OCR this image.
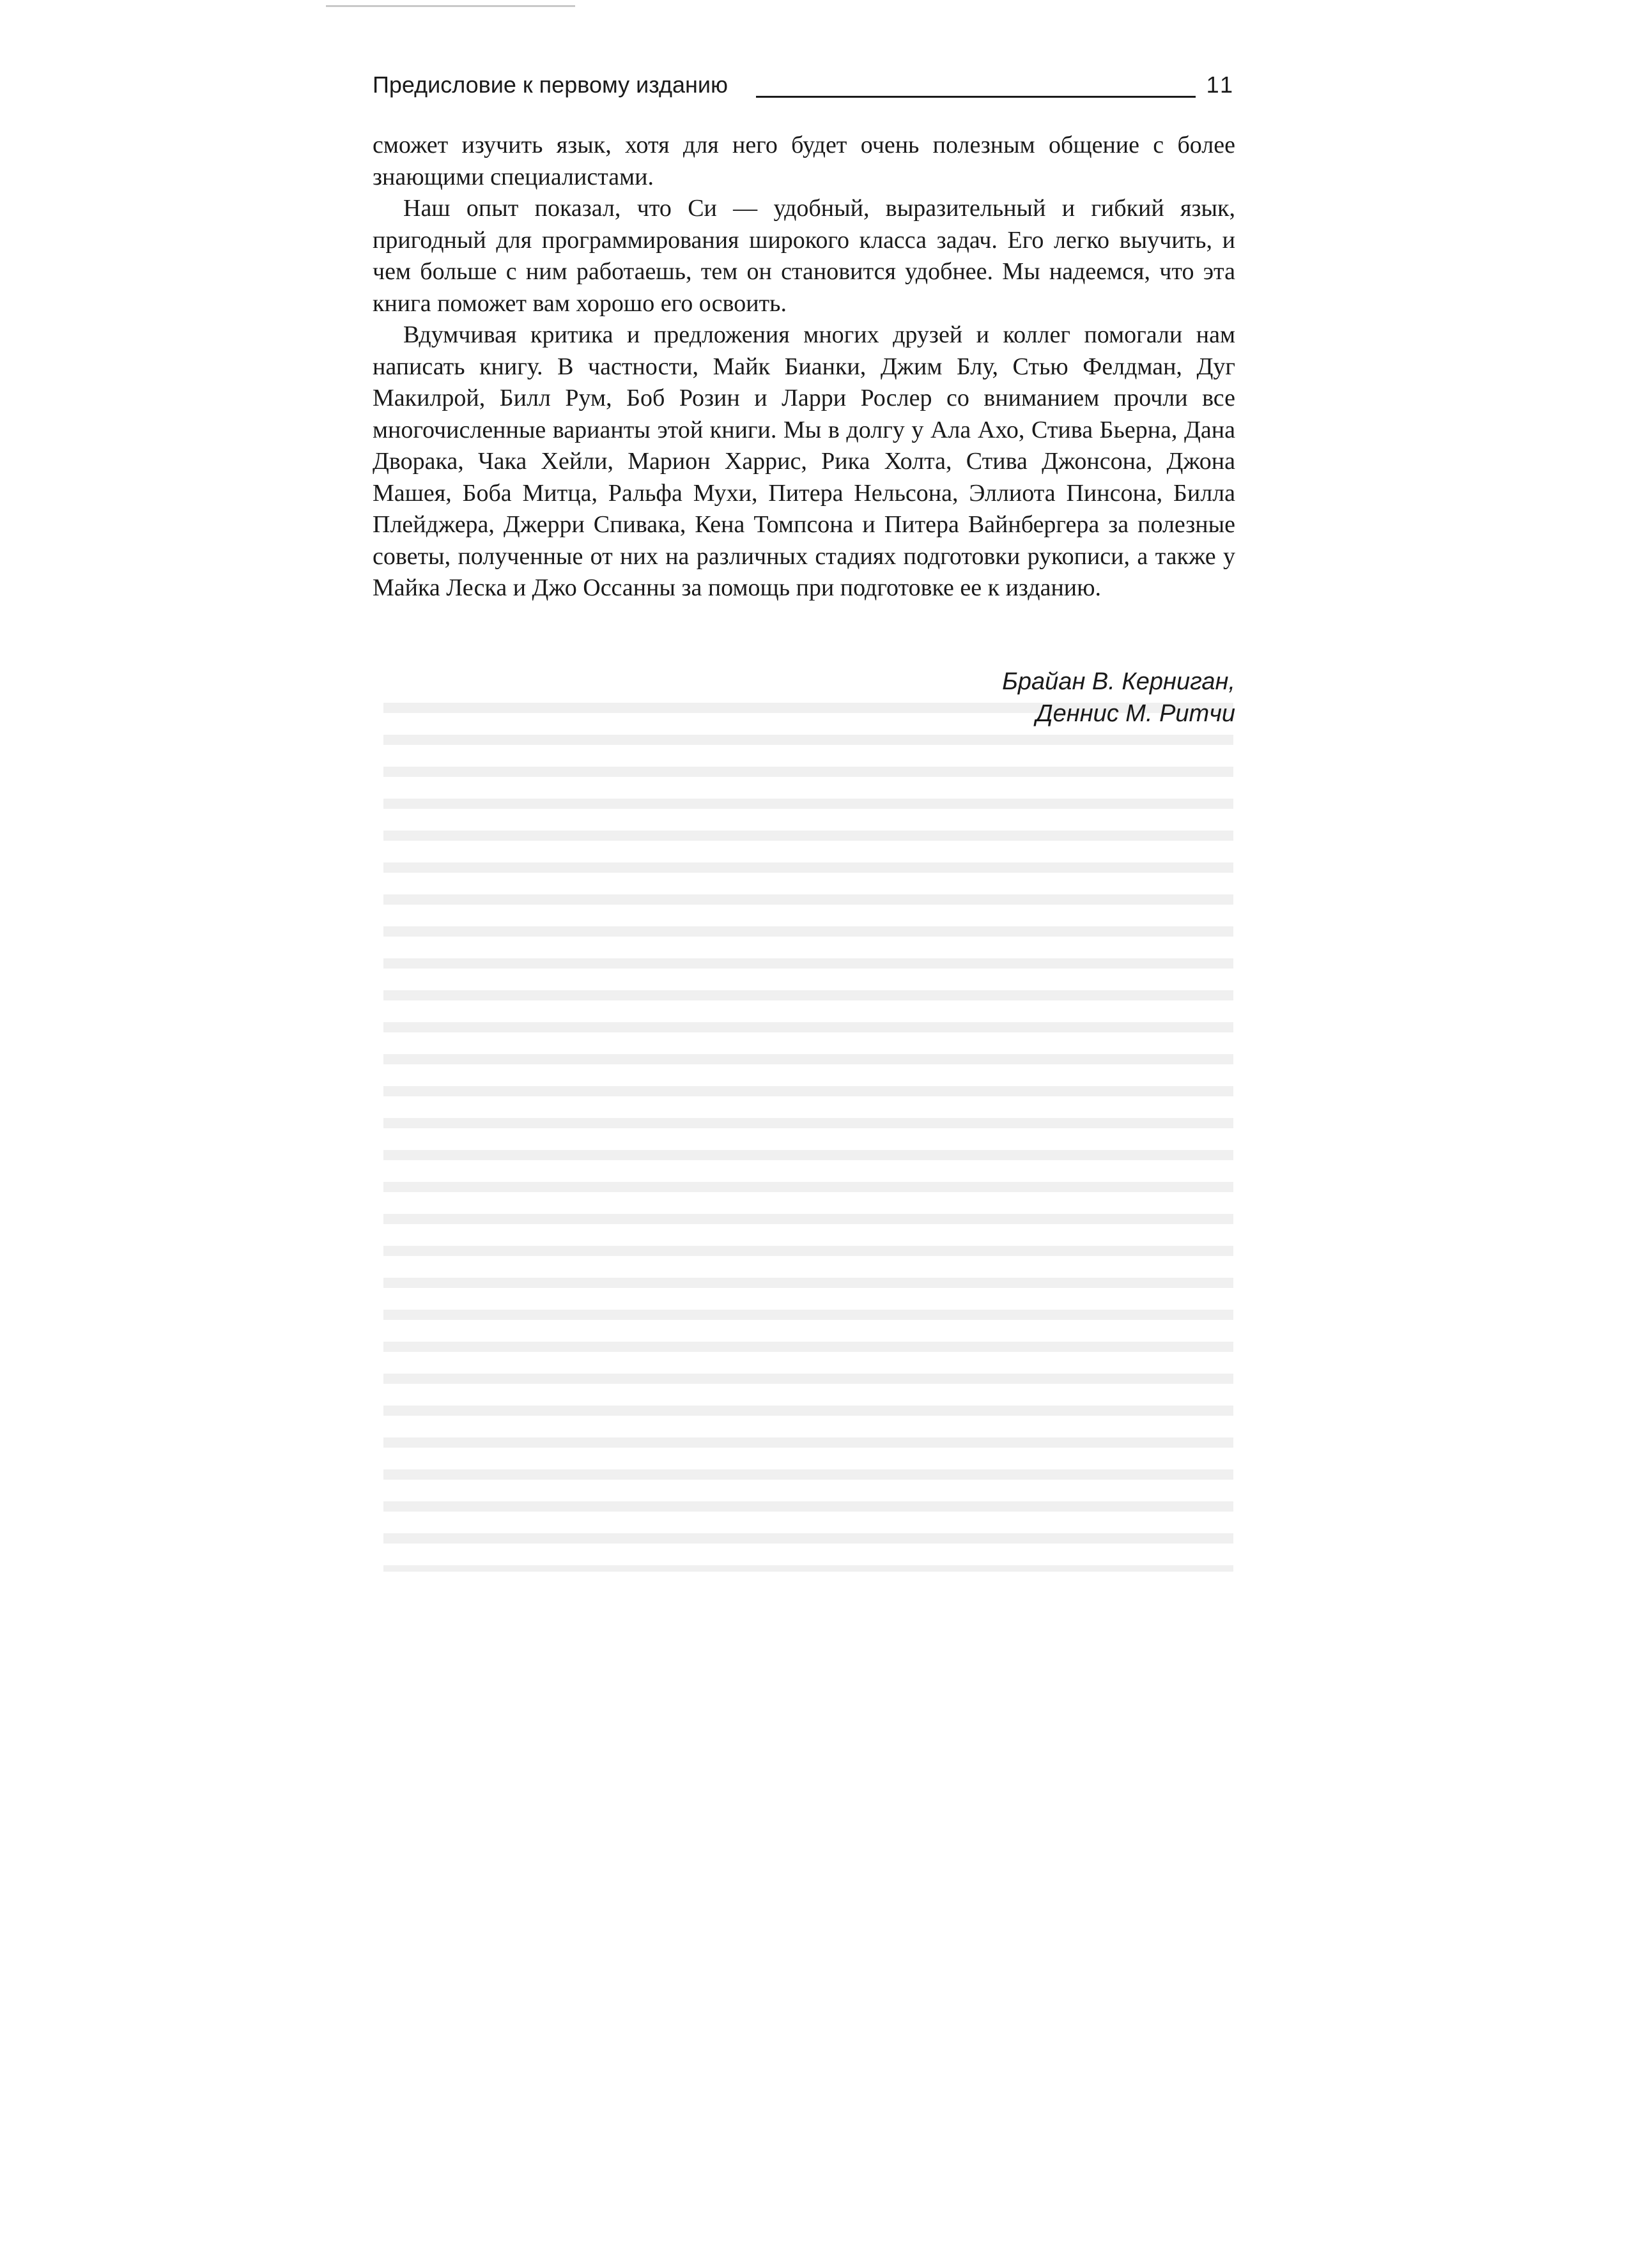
Предисловие к первому изданию	11

сможет изучить язык, хотя для него будет очень полезным общение с более знающими специалистами.

Наш опыт показал, что Си — удобный, выразительный и гибкий язык, пригодный для программирования широкого класса задач. Его легко выучить, и чем больше с ним работаешь, тем он становится удобнее. Мы надеемся, что эта книга поможет вам хорошо его освоить.

Вдумчивая критика и предложения многих друзей и коллег помогали нам написать книгу. В частности, Майк Бианки, Джим Блу, Стью Фелдман, Дуг Макилрой, Билл Рум, Боб Розин и Ларри Рослер со вниманием прочли все многочисленные варианты этой книги. Мы в долгу у Ала Ахо, Стива Бьерна, Дана Дворака, Чака Хейли, Марион Харрис, Рика Холта, Стива Джонсона, Джона Машея, Боба Митца, Ральфа Мухи, Питера Нельсона, Эллиота Пинсона, Билла Плейджера, Джерри Спивака, Кена Томпсона и Питера Вайнбергера за полезные советы, полученные от них на различных стадиях подготовки рукописи, а также у Майка Леска и Джо Оссанны за помощь при подготовке ее к изданию.

Брайан В. Керниган,
Деннис М. Ритчи
